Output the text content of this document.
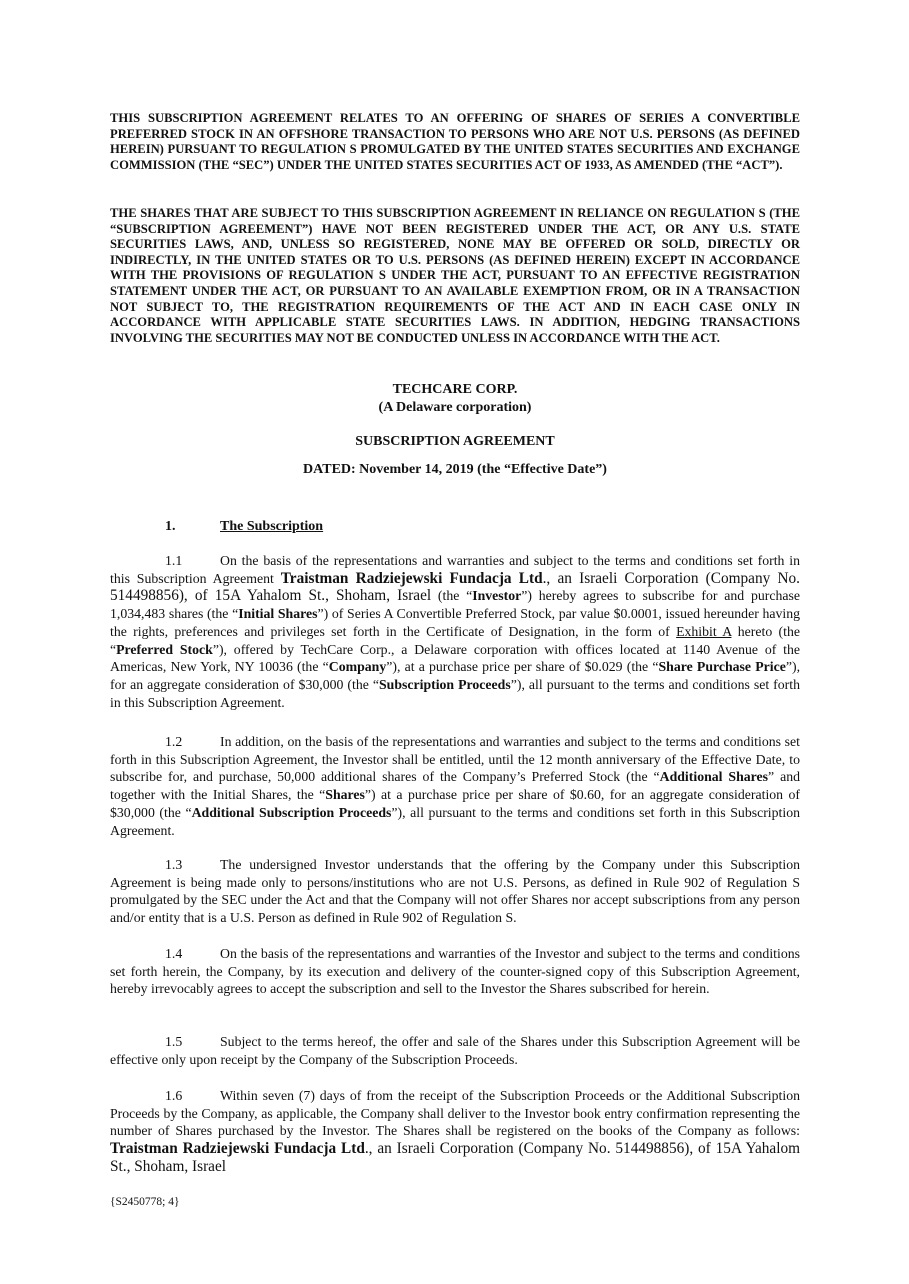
THIS SUBSCRIPTION AGREEMENT RELATES TO AN OFFERING OF SHARES OF SERIES A CONVERTIBLE PREFERRED STOCK IN AN OFFSHORE TRANSACTION TO PERSONS WHO ARE NOT U.S. PERSONS (AS DEFINED HEREIN) PURSUANT TO REGULATION S PROMULGATED BY THE UNITED STATES SECURITIES AND EXCHANGE COMMISSION (THE “SEC”) UNDER THE UNITED STATES SECURITIES ACT OF 1933, AS AMENDED (THE “ACT”).

THE SHARES THAT ARE SUBJECT TO THIS SUBSCRIPTION AGREEMENT IN RELIANCE ON REGULATION S (THE “SUBSCRIPTION AGREEMENT”) HAVE NOT BEEN REGISTERED UNDER THE ACT, OR ANY U.S. STATE SECURITIES LAWS, AND, UNLESS SO REGISTERED, NONE MAY BE OFFERED OR SOLD, DIRECTLY OR INDIRECTLY, IN THE UNITED STATES OR TO U.S. PERSONS (AS DEFINED HEREIN) EXCEPT IN ACCORDANCE WITH THE PROVISIONS OF REGULATION S UNDER THE ACT, PURSUANT TO AN EFFECTIVE REGISTRATION STATEMENT UNDER THE ACT, OR PURSUANT TO AN AVAILABLE EXEMPTION FROM, OR IN A TRANSACTION NOT SUBJECT TO, THE REGISTRATION REQUIREMENTS OF THE ACT AND IN EACH CASE ONLY IN ACCORDANCE WITH APPLICABLE STATE SECURITIES LAWS. IN ADDITION, HEDGING TRANSACTIONS INVOLVING THE SECURITIES MAY NOT BE CONDUCTED UNLESS IN ACCORDANCE WITH THE ACT.

TECHCARE CORP.

(A Delaware corporation)

SUBSCRIPTION AGREEMENT

DATED: November 14, 2019 (the “Effective Date”)

1.	The Subscription

1.1	On the basis of the representations and warranties and subject to the terms and conditions set forth in this Subscription Agreement Traistman Radziejewski Fundacja Ltd., an Israeli Corporation (Company No. 514498856), of 15A Yahalom St., Shoham, Israel (the “Investor”) hereby agrees to subscribe for and purchase 1,034,483 shares (the “Initial Shares”) of Series A Convertible Preferred Stock, par value $0.0001, issued hereunder having the rights, preferences and privileges set forth in the Certificate of Designation, in the form of Exhibit A hereto (the “Preferred Stock”), offered by TechCare Corp., a Delaware corporation with offices located at 1140 Avenue of the Americas, New York, NY 10036 (the “Company”), at a purchase price per share of $0.029 (the “Share Purchase Price”), for an aggregate consideration of $30,000 (the “Subscription Proceeds”), all pursuant to the terms and conditions set forth in this Subscription Agreement.

1.2	In addition, on the basis of the representations and warranties and subject to the terms and conditions set forth in this Subscription Agreement, the Investor shall be entitled, until the 12 month anniversary of the Effective Date, to subscribe for, and purchase, 50,000 additional shares of the Company’s Preferred Stock (the “Additional Shares” and together with the Initial Shares, the “Shares”) at a purchase price per share of $0.60, for an aggregate consideration of $30,000 (the “Additional Subscription Proceeds”), all pursuant to the terms and conditions set forth in this Subscription Agreement.

1.3	The undersigned Investor understands that the offering by the Company under this Subscription Agreement is being made only to persons/institutions who are not U.S. Persons, as defined in Rule 902 of Regulation S promulgated by the SEC under the Act and that the Company will not offer Shares nor accept subscriptions from any person and/or entity that is a U.S. Person as defined in Rule 902 of Regulation S.

1.4	On the basis of the representations and warranties of the Investor and subject to the terms and conditions set forth herein, the Company, by its execution and delivery of the counter-signed copy of this Subscription Agreement, hereby irrevocably agrees to accept the subscription and sell to the Investor the Shares subscribed for herein.

1.5	Subject to the terms hereof, the offer and sale of the Shares under this Subscription Agreement will be effective only upon receipt by the Company of the Subscription Proceeds.

1.6	Within seven (7) days of from the receipt of the Subscription Proceeds or the Additional Subscription Proceeds by the Company, as applicable, the Company shall deliver to the Investor book entry confirmation representing the number of Shares purchased by the Investor. The Shares shall be registered on the books of the Company as follows: Traistman Radziejewski Fundacja Ltd., an Israeli Corporation (Company No. 514498856), of 15A Yahalom St., Shoham, Israel

{S2450778; 4}
